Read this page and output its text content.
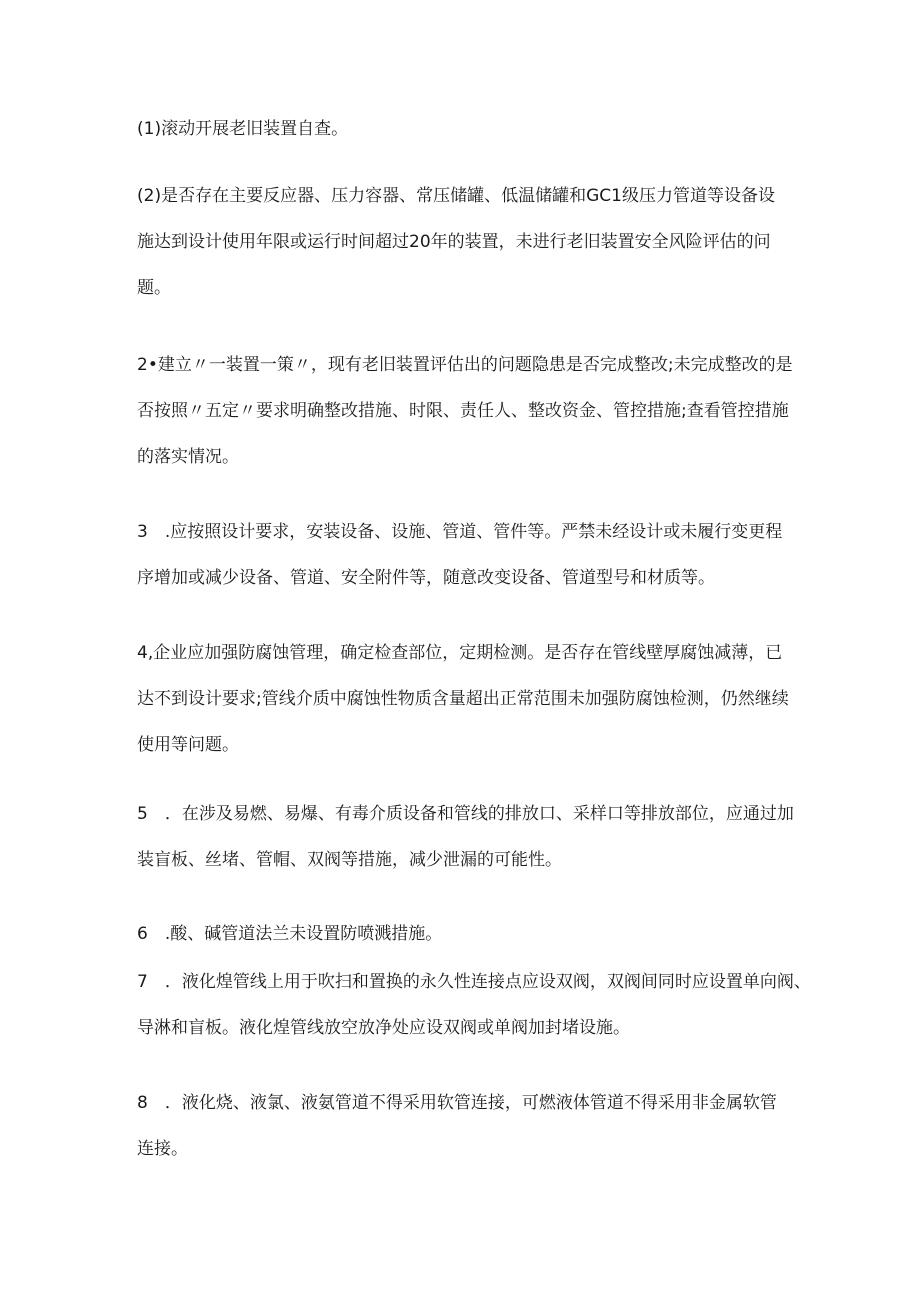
(1)滚动开展老旧装置自查。
(2)是否存在主要反应器、压力容器、常压储罐、低温储罐和GC1级压力管道等设备设
施达到设计使用年限或运行时间超过20年的装置，未进行老旧装置安全风险评估的问
题。
2•建立〃一装置一策〃，现有老旧装置评估出的问题隐患是否完成整改;未完成整改的是
否按照〃五定〃要求明确整改措施、时限、责任人、整改资金、管控措施;查看管控措施
的落实情况。
3　.应按照设计要求，安装设备、设施、管道、管件等。严禁未经设计或未履行变更程
序增加或减少设备、管道、安全附件等，随意改变设备、管道型号和材质等。
4,企业应加强防腐蚀管理，确定检查部位，定期检测。是否存在管线壁厚腐蚀减薄，已
达不到设计要求;管线介质中腐蚀性物质含量超出正常范围未加强防腐蚀检测，仍然继续
使用等问题。
5　．在涉及易燃、易爆、有毒介质设备和管线的排放口、采样口等排放部位，应通过加
装盲板、丝堵、管帽、双阀等措施，减少泄漏的可能性。
6　.酸、碱管道法兰未设置防喷溅措施。
7　．液化煌管线上用于吹扫和置换的永久性连接点应设双阀，双阀间同时应设置单向阀、
导淋和盲板。液化煌管线放空放净处应设双阀或单阀加封堵设施。
8　．液化烧、液氯、液氨管道不得采用软管连接，可燃液体管道不得采用非金属软管
连接。
